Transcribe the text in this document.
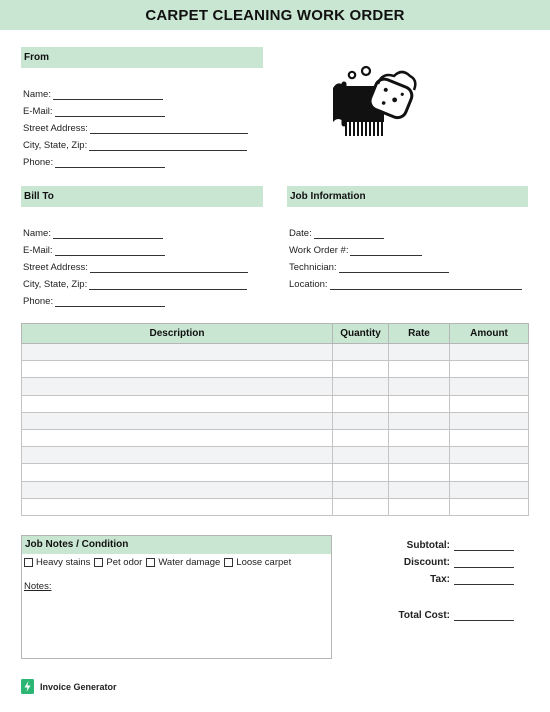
CARPET CLEANING WORK ORDER
From
Name:
E-Mail:
Street Address:
City, State, Zip:
Phone:
Bill To
Name:
E-Mail:
Street Address:
City, State, Zip:
Phone:
Job Information
Date:
Work Order #:
Technician:
Location:
Description	Quantity	Rate	Amount

Job Notes / Condition
Heavy stains Pet odor Water damage Loose carpet
Notes:
Subtotal:
Discount:
Tax:
Total Cost:
Invoice Generator
